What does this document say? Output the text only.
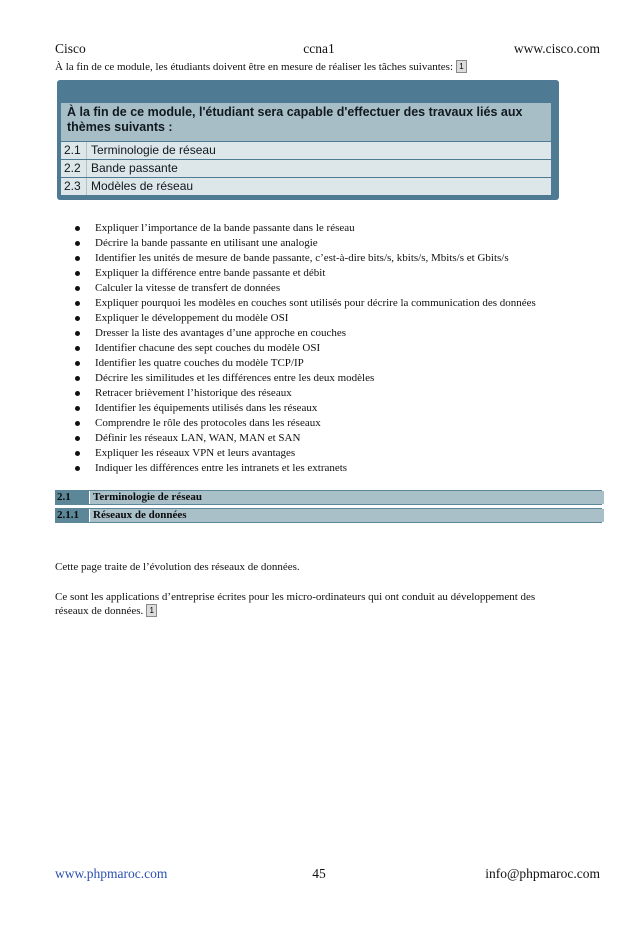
Cisco	ccna1	www.cisco.com
À la fin de ce module, les étudiants doivent être en mesure de réaliser les tâches suivantes: 1
À la fin de ce module, l'étudiant sera capable d'effectuer des travaux liés aux thèmes suivants :
2.1 Terminologie de réseau
2.2 Bande passante
2.3 Modèles de réseau
Expliquer l’importance de la bande passante dans le réseau
Décrire la bande passante en utilisant une analogie
Identifier les unités de mesure de bande passante, c’est-à-dire bits/s, kbits/s, Mbits/s et Gbits/s
Expliquer la différence entre bande passante et débit
Calculer la vitesse de transfert de données
Expliquer pourquoi les modèles en couches sont utilisés pour décrire la communication des données
Expliquer le développement du modèle OSI
Dresser la liste des avantages d’une approche en couches
Identifier chacune des sept couches du modèle OSI
Identifier les quatre couches du modèle TCP/IP
Décrire les similitudes et les différences entre les deux modèles
Retracer brièvement l’historique des réseaux
Identifier les équipements utilisés dans les réseaux
Comprendre le rôle des protocoles dans les réseaux
Définir les réseaux LAN, WAN, MAN et SAN
Expliquer les réseaux VPN et leurs avantages
Indiquer les différences entre les intranets et les extranets
2.1 Terminologie de réseau
2.1.1 Réseaux de données
Cette page traite de l’évolution des réseaux de données.
Ce sont les applications d’entreprise écrites pour les micro-ordinateurs qui ont conduit au développement des
réseaux de données. 1
www.phpmaroc.com	45	info@phpmaroc.com
